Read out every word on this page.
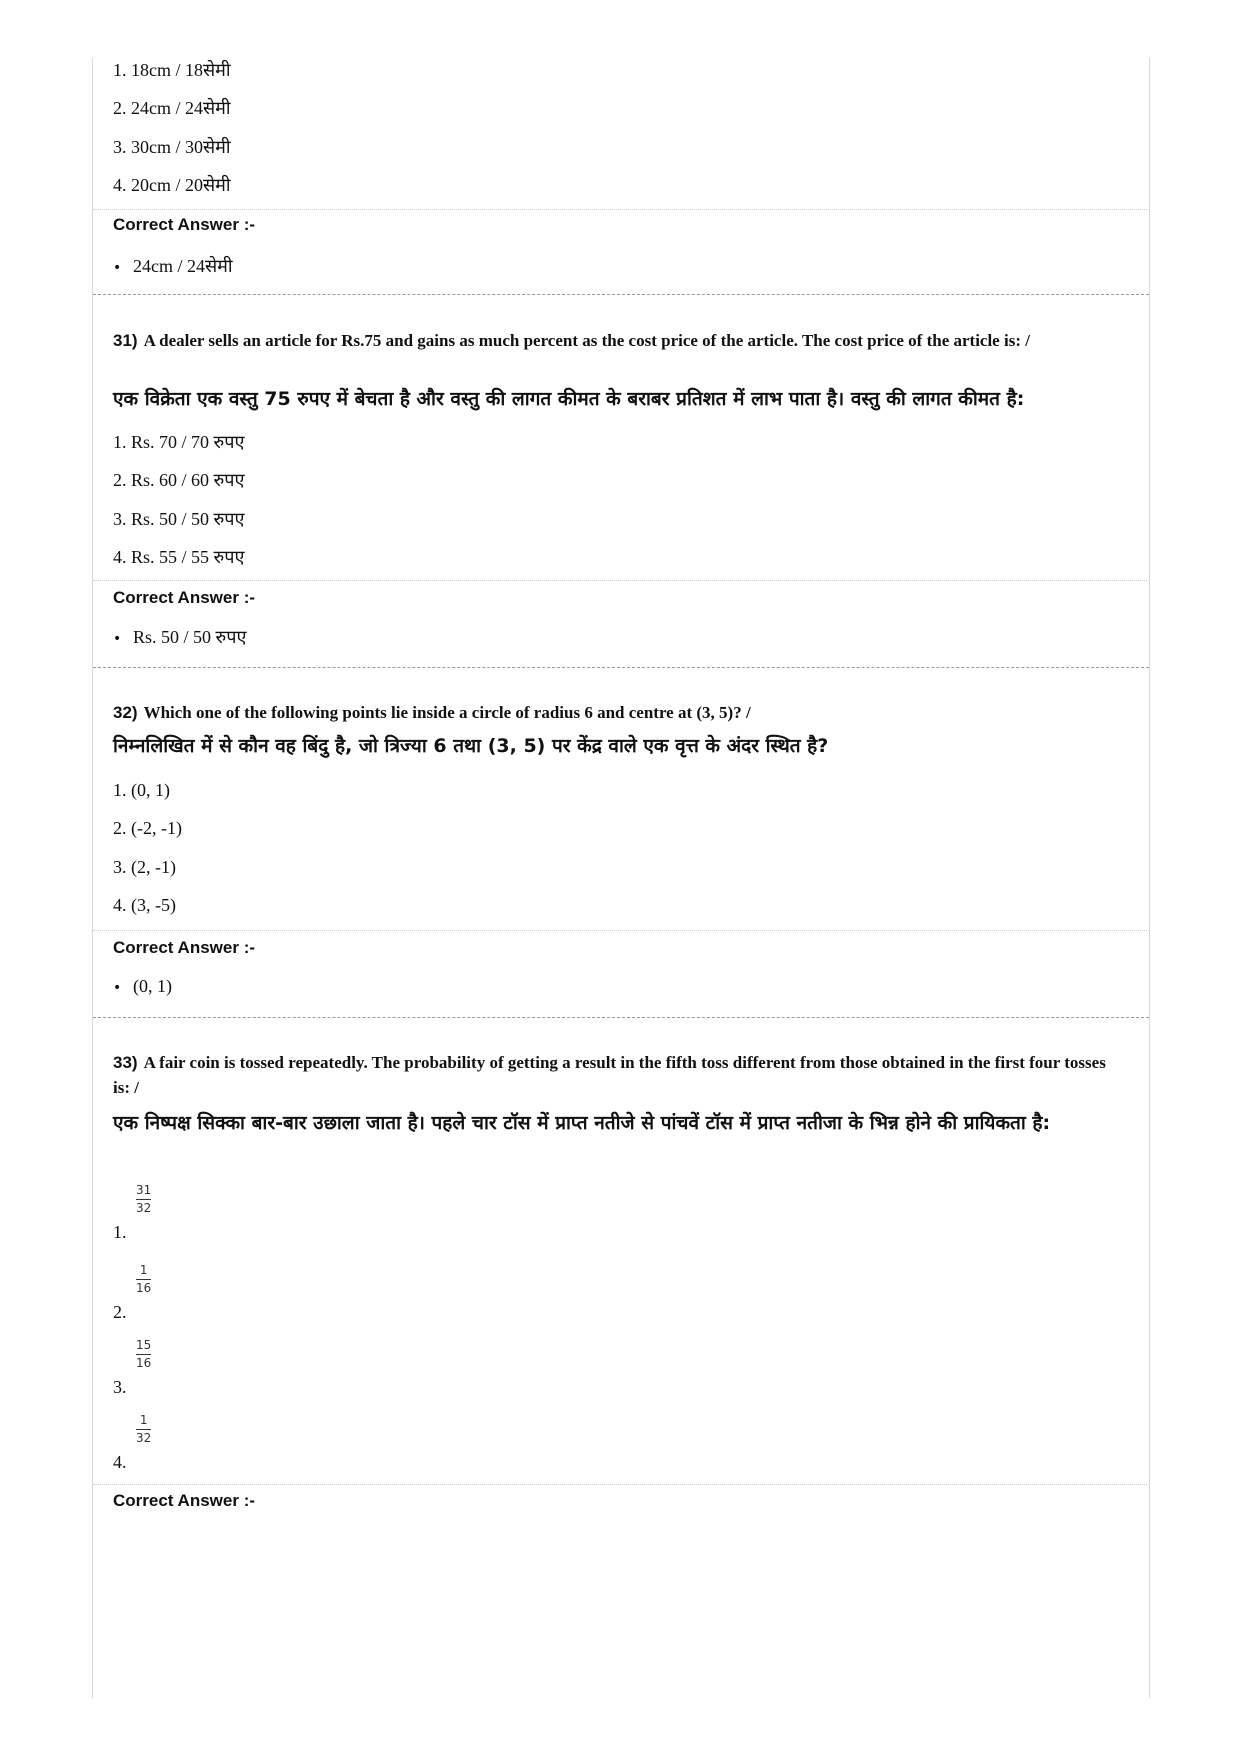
1. 18cm / 18सेमी
2. 24cm / 24सेमी
3. 30cm / 30सेमी
4. 20cm / 20सेमी
Correct Answer :-
• 24cm / 24सेमी
31) A dealer sells an article for Rs.75 and gains as much percent as the cost price of the article. The cost price of the article is: /
एक विक्रेता एक वस्तु 75 रुपए में बेचता है और वस्तु की लागत कीमत के बराबर प्रतिशत में लाभ पाता है। वस्तु की लागत कीमत है:
1. Rs. 70 / 70 रुपए
2. Rs. 60 / 60 रुपए
3. Rs. 50 / 50 रुपए
4. Rs. 55 / 55 रुपए
Correct Answer :-
• Rs. 50 / 50 रुपए
32) Which one of the following points lie inside a circle of radius 6 and centre at (3, 5)? /
निम्नलिखित में से कौन वह बिंदु है, जो त्रिज्या 6 तथा (3, 5) पर केंद्र वाले एक वृत्त के अंदर स्थित है?
1. (0, 1)
2. (-2, -1)
3. (2, -1)
4. (3, -5)
Correct Answer :-
• (0, 1)
33) A fair coin is tossed repeatedly. The probability of getting a result in the fifth toss different from those obtained in the first four tosses is: /
एक निष्पक्ष सिक्का बार-बार उछाला जाता है। पहले चार टॉस में प्राप्त नतीजे से पांचवें टॉस में प्राप्त नतीजा के भिन्न होने की प्रायिकता है:
31
32
1.
1
16
2.
15
16
3.
1
32
4.
Correct Answer :-
